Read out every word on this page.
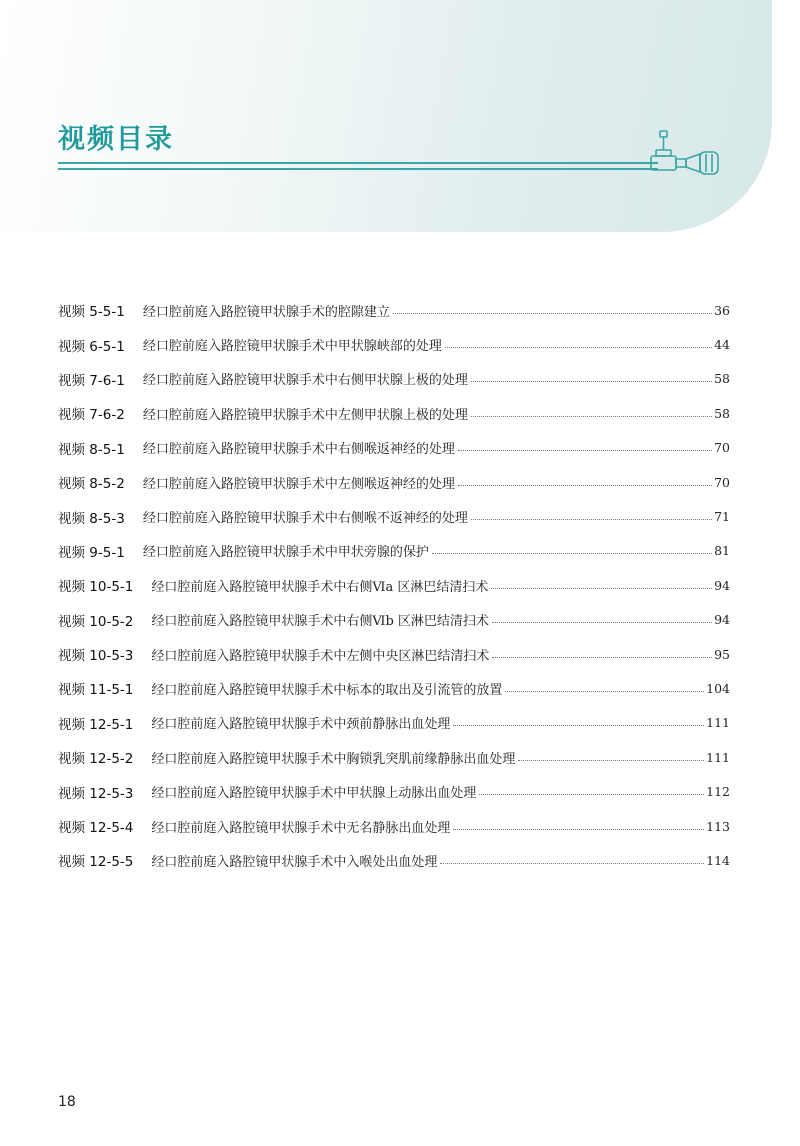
视频目录
视频 5-5-1 经口腔前庭入路腔镜甲状腺手术的腔隙建立	36
视频 6-5-1 经口腔前庭入路腔镜甲状腺手术中甲状腺峡部的处理	44
视频 7-6-1 经口腔前庭入路腔镜甲状腺手术中右侧甲状腺上极的处理	58
视频 7-6-2 经口腔前庭入路腔镜甲状腺手术中左侧甲状腺上极的处理	58
视频 8-5-1 经口腔前庭入路腔镜甲状腺手术中右侧喉返神经的处理	70
视频 8-5-2 经口腔前庭入路腔镜甲状腺手术中左侧喉返神经的处理	70
视频 8-5-3 经口腔前庭入路腔镜甲状腺手术中右侧喉不返神经的处理	71
视频 9-5-1 经口腔前庭入路腔镜甲状腺手术中甲状旁腺的保护	81
视频 10-5-1 经口腔前庭入路腔镜甲状腺手术中右侧Ⅵa 区淋巴结清扫术	94
视频 10-5-2 经口腔前庭入路腔镜甲状腺手术中右侧Ⅵb 区淋巴结清扫术	94
视频 10-5-3 经口腔前庭入路腔镜甲状腺手术中左侧中央区淋巴结清扫术	95
视频 11-5-1 经口腔前庭入路腔镜甲状腺手术中标本的取出及引流管的放置	104
视频 12-5-1 经口腔前庭入路腔镜甲状腺手术中颈前静脉出血处理	111
视频 12-5-2 经口腔前庭入路腔镜甲状腺手术中胸锁乳突肌前缘静脉出血处理	111
视频 12-5-3 经口腔前庭入路腔镜甲状腺手术中甲状腺上动脉出血处理	112
视频 12-5-4 经口腔前庭入路腔镜甲状腺手术中无名静脉出血处理	113
视频 12-5-5 经口腔前庭入路腔镜甲状腺手术中入喉处出血处理	114
18
